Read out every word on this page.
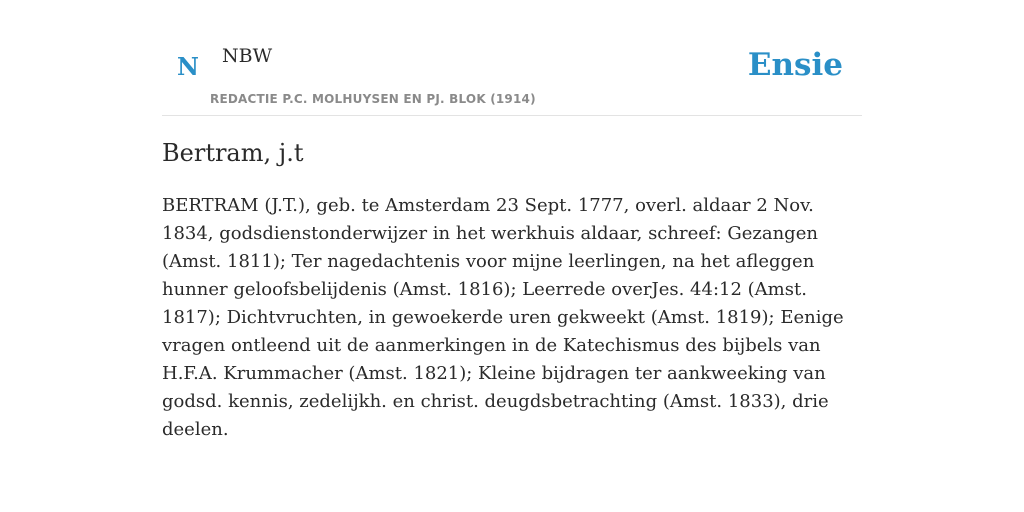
N NBW
REDACTIE P.C. MOLHUYSEN EN PJ. BLOK (1914)
Ensie
Bertram, j.t

BERTRAM (J.T.), geb. te Amsterdam 23 Sept. 1777, overl. aldaar 2 Nov. 1834, godsdienstonderwijzer in het werkhuis aldaar, schreef: Gezangen (Amst. 1811); Ter nagedachtenis voor mijne leerlingen, na het afleggen hunner geloofsbelijdenis (Amst. 1816); Leerrede overJes. 44:12 (Amst. 1817); Dichtvruchten, in gewoekerde uren gekweekt (Amst. 1819); Eenige vragen ontleend uit de aanmerkingen in de Katechismus des bijbels van H.F.A. Krummacher (Amst. 1821); Kleine bijdragen ter aankweeking van godsd. kennis, zedelijkh. en christ. deugdsbetrachting (Amst. 1833), drie deelen.
